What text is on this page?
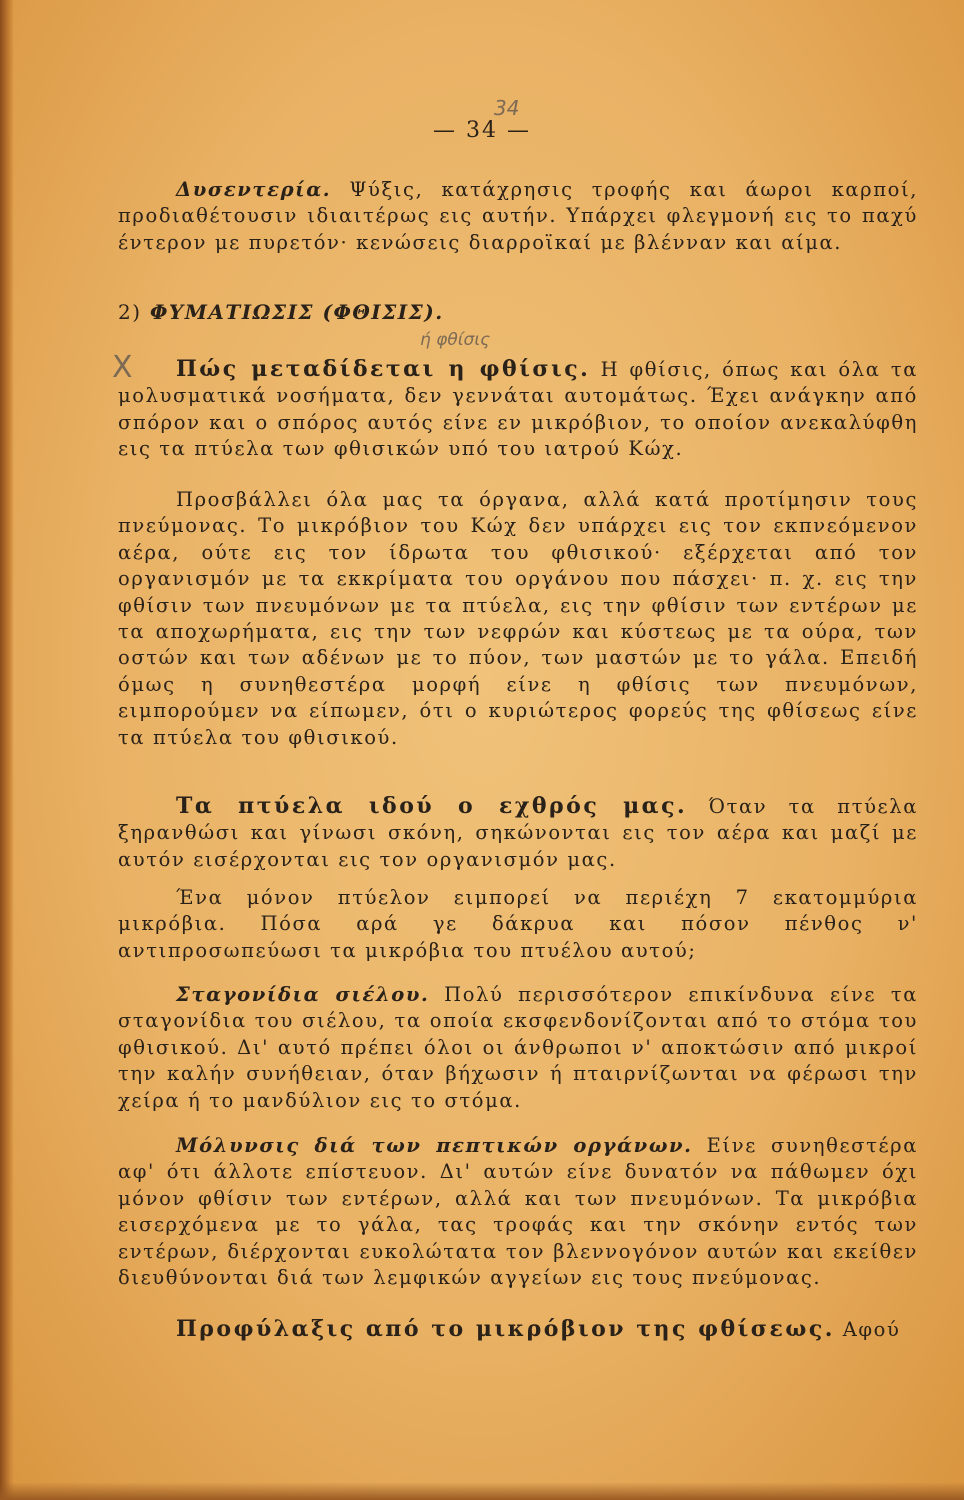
34
— 34 —

Δυσεντερία. Ψύξις, κατάχρησις τροφής και άωροι καρποί, προδιαθέτουσιν ιδιαιτέρως εις αυτήν. Υπάρχει φλεγμονή εις το παχύ έντερον με πυρετόν· κενώσεις διαρροϊκαί με βλένναν και αίμα.

2) ΦΥΜΑΤΙΩΣΙΣ (ΦΘΙΣΙΣ).
X
ή φθίσις

Πώς μεταδίδεται η φθίσις. Η φθίσις, όπως και όλα τα μολυσματικά νοσήματα, δεν γεννάται αυτομάτως. Έχει ανάγκην από σπόρον και ο σπόρος αυτός είνε εν μικρόβιον, το οποίον ανεκαλύφθη εις τα πτύελα των φθισικών υπό του ιατρού Κώχ.

Προσβάλλει όλα μας τα όργανα, αλλά κατά προτίμησιν τους πνεύμονας. Το μικρόβιον του Κώχ δεν υπάρχει εις τον εκπνεόμενον αέρα, ούτε εις τον ίδρωτα του φθισικού· εξέρχεται από τον οργανισμόν με τα εκκρίματα του οργάνου που πάσχει· π. χ. εις την φθίσιν των πνευμόνων με τα πτύελα, εις την φθίσιν των εντέρων με τα αποχωρήματα, εις την των νεφρών και κύστεως με τα ούρα, των οστών και των αδένων με το πύον, των μαστών με το γάλα. Επειδή όμως η συνηθεστέρα μορφή είνε η φθίσις των πνευμόνων, ειμπορούμεν να είπωμεν, ότι ο κυριώτερος φορεύς της φθίσεως είνε τα πτύελα του φθισικού.

Τα πτύελα ιδού ο εχθρός μας. Όταν τα πτύελα ξηρανθώσι και γίνωσι σκόνη, σηκώνονται εις τον αέρα και μαζί με αυτόν εισέρχονται εις τον οργανισμόν μας.

Ένα μόνον πτύελον ειμπορεί να περιέχη 7 εκατομμύρια μικρόβια. Πόσα αρά γε δάκρυα και πόσον πένθος ν' αντιπροσωπεύωσι τα μικρόβια του πτυέλου αυτού;

Σταγονίδια σιέλου. Πολύ περισσότερον επικίνδυνα είνε τα σταγονίδια του σιέλου, τα οποία εκσφενδονίζονται από το στόμα του φθισικού. Δι' αυτό πρέπει όλοι οι άνθρωποι ν' αποκτώσιν από μικροί την καλήν συνήθειαν, όταν βήχωσιν ή πταιρνίζωνται να φέρωσι την χείρα ή το μανδύλιον εις το στόμα.

Μόλυνσις διά των πεπτικών οργάνων. Είνε συνηθεστέρα αφ' ότι άλλοτε επίστευον. Δι' αυτών είνε δυνατόν να πάθωμεν όχι μόνον φθίσιν των εντέρων, αλλά και των πνευμόνων. Τα μικρόβια εισερχόμενα με το γάλα, τας τροφάς και την σκόνην εντός των εντέρων, διέρχονται ευκολώτατα τον βλεννογόνον αυτών και εκείθεν διευθύνονται διά των λεμφικών αγγείων εις τους πνεύμονας.

Προφύλαξις από το μικρόβιον της φθίσεως. Αφού
